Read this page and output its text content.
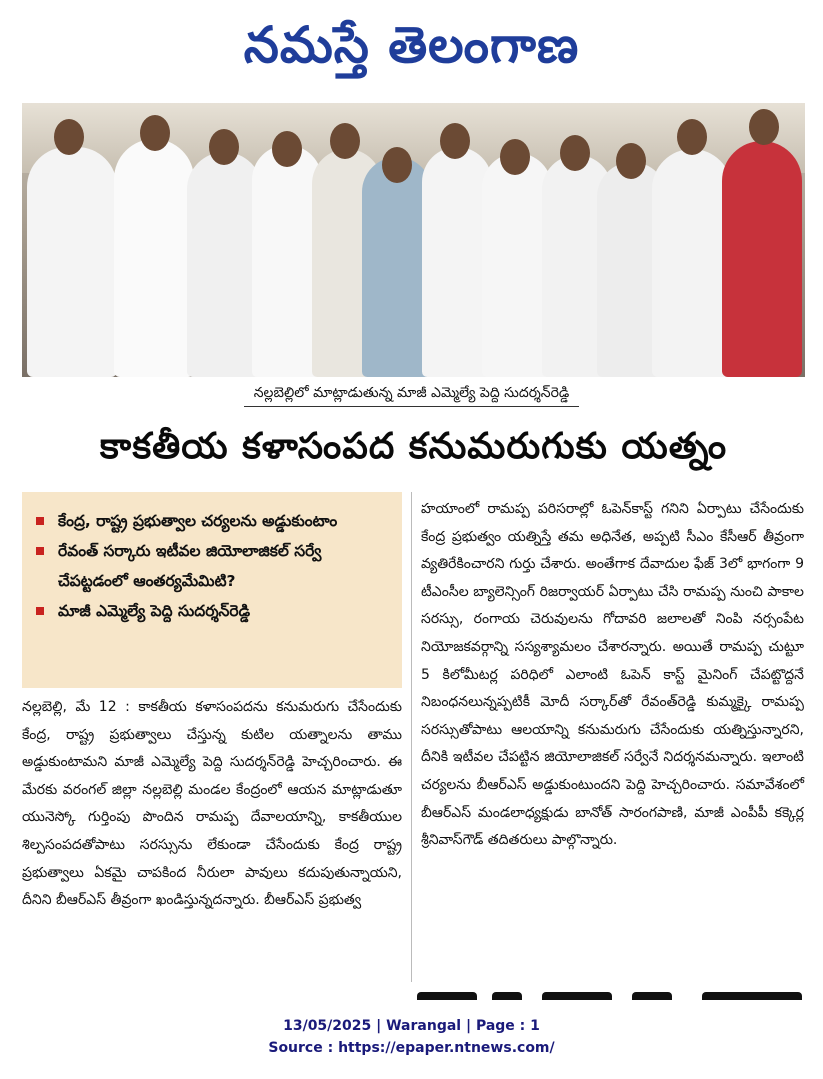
నమస్తే తెలంగాణ
నల్లబెల్లిలో మాట్లాడుతున్న మాజీ ఎమ్మెల్యే పెద్ది సుదర్శన్‌రెడ్డి
కాకతీయ కళాసంపద కనుమరుగుకు యత్నం
కేంద్ర, రాష్ట్ర ప్రభుత్వాల చర్యలను అడ్డుకుంటాం
రేవంత్‌ సర్కారు ఇటీవల జియోలాజికల్‌ సర్వే చేపట్టడంలో ఆంతర్యమేమిటి?
మాజీ ఎమ్మెల్యే పెద్ది సుదర్శన్‌రెడ్డి
నల్లబెల్లి, మే 12 : కాకతీయ కళాసంపదను కనుమరుగు చేసేందుకు కేంద్ర, రాష్ట్ర ప్రభుత్వాలు చేస్తున్న కుటిల యత్నాలను తాము అడ్డుకుంటామని మాజీ ఎమ్మెల్యే పెద్ది సుదర్శన్‌రెడ్డి హెచ్చరించారు. ఈ మేరకు వరంగల్‌ జిల్లా నల్లబెల్లి మండల కేంద్రంలో ఆయన మాట్లాడుతూ యునెస్కో గుర్తింపు పొందిన రామప్ప దేవాలయాన్ని, కాకతీయుల శిల్పసంపదతోపాటు సరస్సును లేకుండా చేసేందుకు కేంద్ర రాష్ట్ర ప్రభుత్వాలు ఏకమై చాపకింద నీరులా పావులు కదుపుతున్నాయని, దీనిని బీఆర్‌ఎస్‌ తీవ్రంగా ఖండిస్తున్నదన్నారు. బీఆర్‌ఎస్‌ ప్రభుత్వ
హయాంలో రామప్ప పరిసరాల్లో ఓపెన్‌కాస్ట్‌ గనిని ఏర్పాటు చేసేందుకు కేంద్ర ప్రభుత్వం యత్నిస్తే తమ అధినేత, అప్పటి సీఎం కేసీఆర్‌ తీవ్రంగా వ్యతిరేకించారని గుర్తు చేశారు. అంతేగాక దేవాదుల ఫేజ్‌ 3లో భాగంగా 9 టీఎంసీల బ్యాలెన్సింగ్‌ రిజర్వాయర్‌ ఏర్పాటు చేసి రామప్ప నుంచి పాకాల సరస్సు, రంగాయ చెరువులను గోదావరి జలాలతో నింపి నర్సంపేట నియోజకవర్గాన్ని సస్యశ్యామలం చేశారన్నారు. అయితే రామప్ప చుట్టూ 5 కిలోమీటర్ల పరిధిలో ఎలాంటి ఓపెన్‌ కాస్ట్‌ మైనింగ్‌ చేపట్టొద్దనే నిబంధనలున్నప్పటికీ మోదీ సర్కార్‌తో రేవంత్‌రెడ్డి కుమ్మక్కై రామప్ప సరస్సుతోపాటు ఆలయాన్ని కనుమరుగు చేసేందుకు యత్నిస్తున్నారని, దీనికి ఇటీవల చేపట్టిన జియోలాజికల్‌ సర్వేనే నిదర్శనమన్నారు. ఇలాంటి చర్యలను బీఆర్‌ఎస్‌ అడ్డుకుంటుందని పెద్ది హెచ్చరించారు. సమావేశంలో బీఆర్‌ఎస్‌ మండలాధ్యక్షుడు బానోత్‌ సారంగపాణి, మాజీ ఎంపీపీ కక్కెర్ల శ్రీనివాస్‌గౌడ్‌ తదితరులు పాల్గొన్నారు.
13/05/2025 | Warangal | Page : 1
Source : https://epaper.ntnews.com/
